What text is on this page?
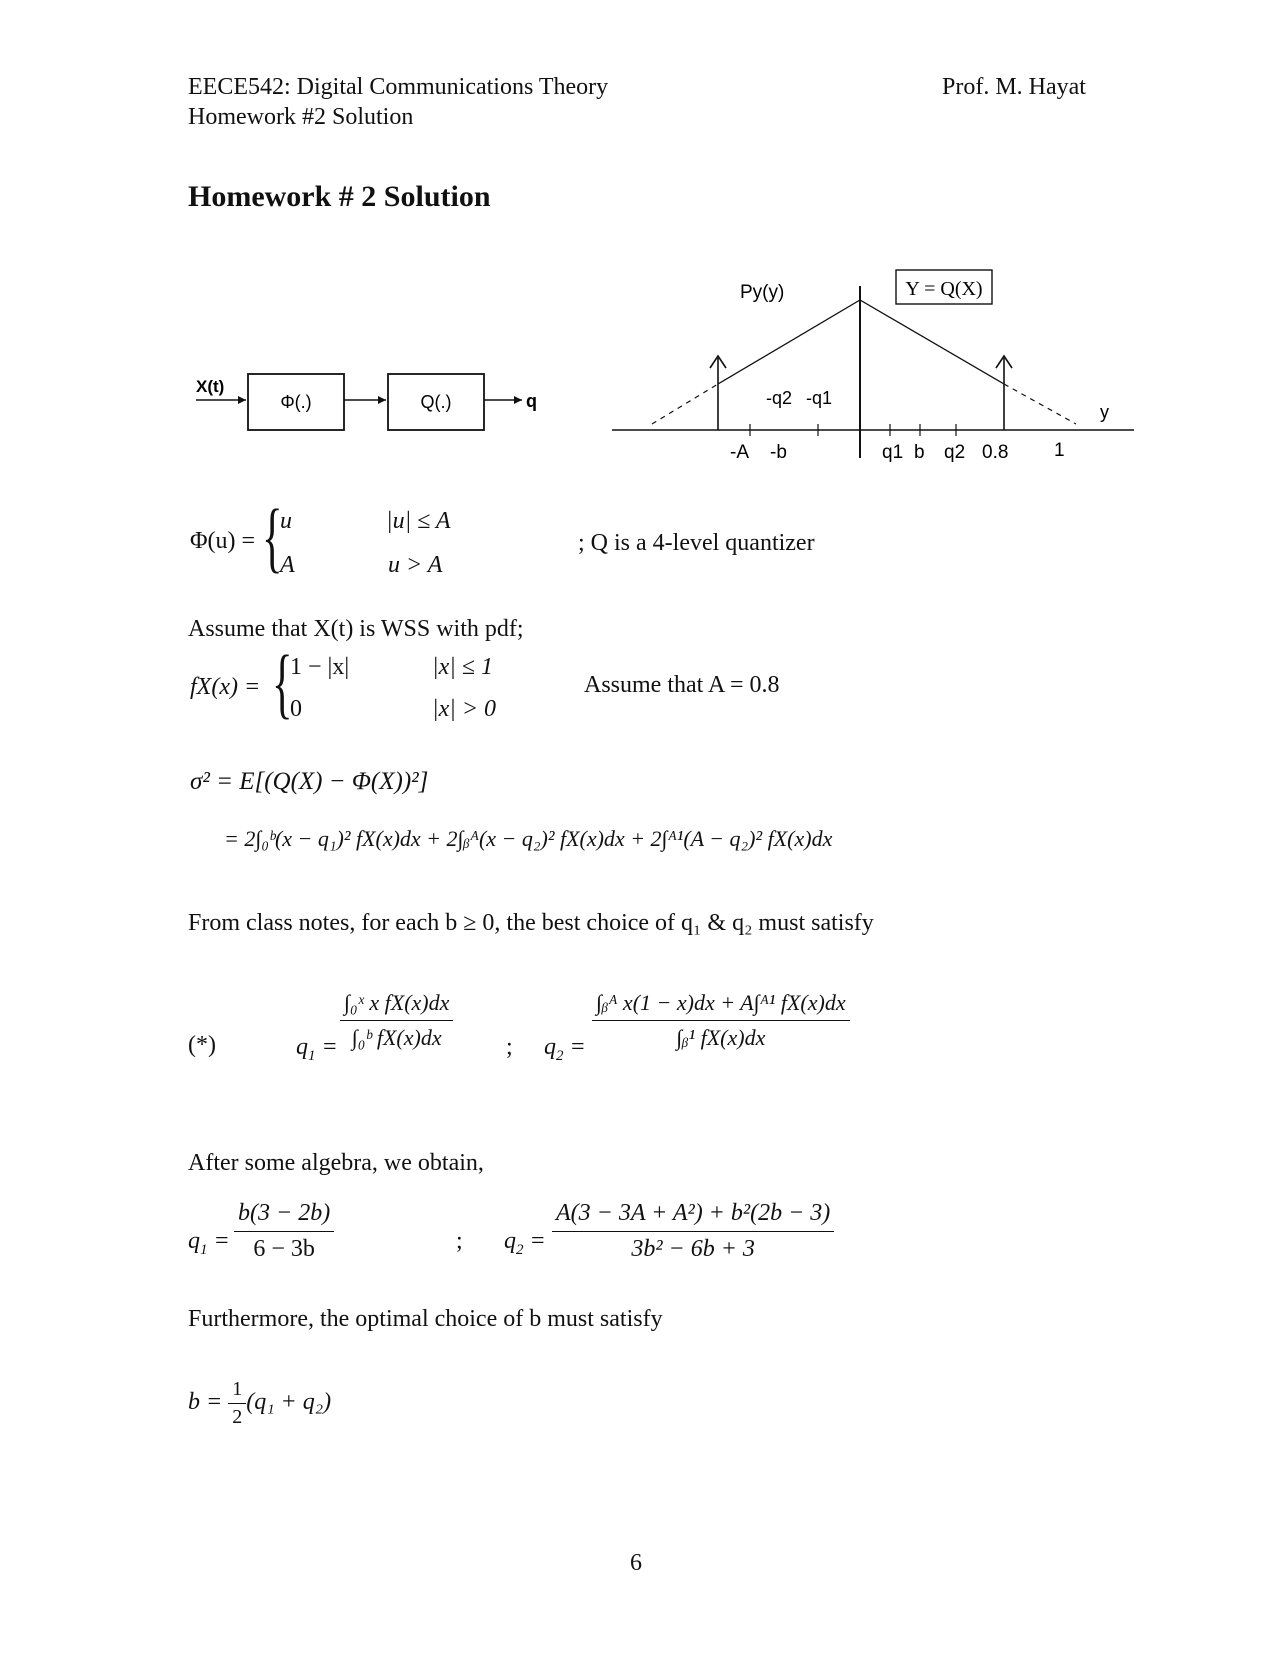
EECE542: Digital Communications Theory
Homework #2 Solution
Prof. M. Hayat
Homework # 2 Solution
X(t)
Φ(.)	Q(.)	q
Py(y)	Y = Q(X)
y
-q2 -q1
-A -b	q1 b q2 0.8 1
Φ(u) = {
u	|u| ≤ A
A	u > A
; Q is a 4-level quantizer
Assume that X(t) is WSS with pdf;
fX(x) = {
1 − |x|	|x| ≤ 1
0	|x| > 0
Assume that A = 0.8
σ² = E[(Q(X) − Φ(X))²]
= 2∫₀ᵇ(x − q₁)² fX(x)dx + 2∫ᵦᴬ(x − q₂)² fX(x)dx + 2∫ᴬ¹(A − q₂)² fX(x)dx
From class notes, for each b ≥ 0, the best choice of q₁ & q₂ must satisfy
(*)	$q_1 = \frac{\text{∫₀ˣ x fX(x)dx}}{\text{∫₀ᵇ fX(x)dx}}$ ; $q_2 = \frac{\text{∫ᵦᴬ x(1 − x)dx + A∫ᴬ¹ fX(x)dx}}{\text{∫ᵦ¹ fX(x)dx}}$
After some algebra, we obtain,
$q_1 = \frac{b(3 - 2b)}{6 - 3b}$	; $q_2 = \frac{\text{A(3 − 3A + A²) + b²(2b − 3)}}{\text{3b² − 6b + 3}}$
Furthermore, the optimal choice of b must satisfy
$b = \frac{1}{2} (q_1 + q_2)$
6
